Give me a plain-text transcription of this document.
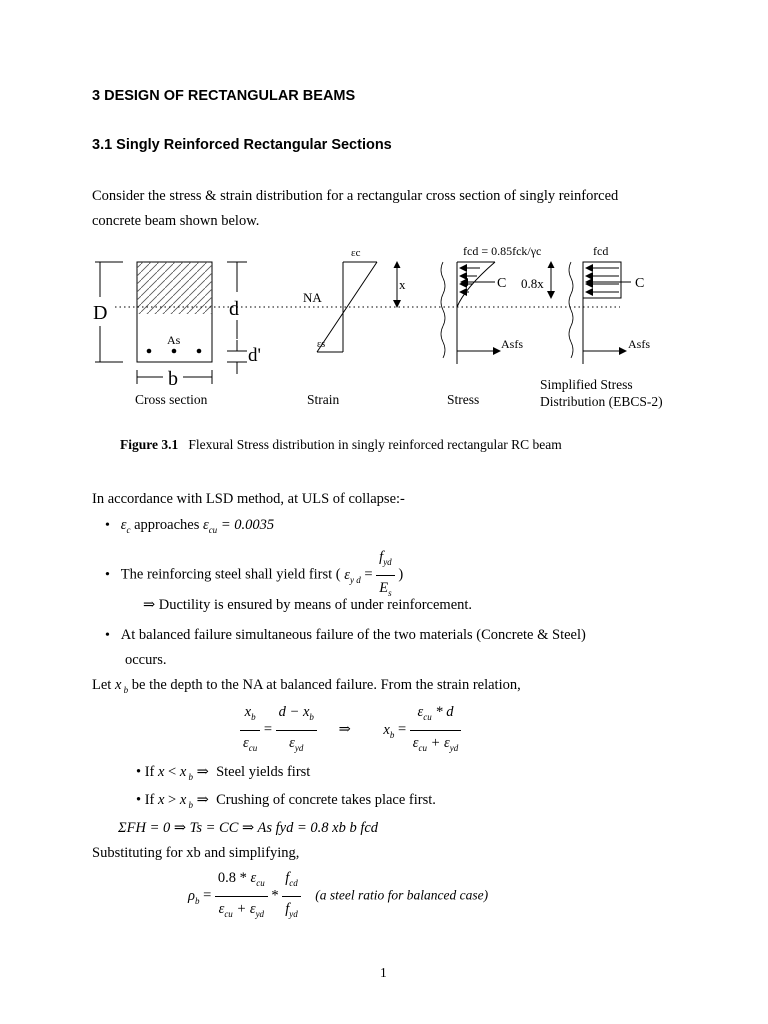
3 DESIGN OF RECTANGULAR BEAMS
3.1 Singly Reinforced Rectangular Sections
Consider the stress & strain distribution for a rectangular cross section of singly reinforced
concrete beam shown below.
As
D	d
d'
b
Cross section
εc
εs
NA
x
Strain
C
Asfs
fcd = 0.85fck/γc
Stress
C
0.8x
Asfs
fcd
Simplified Stress
Distribution (EBCS-2)
Figure 3.1 Flexural Stress distribution in singly reinforced rectangular RC beam
In accordance with LSD method, at ULS of collapse:-
• $\varepsilon_c$ approaches $\varepsilon_{cu} = 0.0035$
• The reinforcing steel shall yield first ( $\varepsilon_{y d} = \frac{f_{yd}}{E_s}$ )
⇒ Ductility is ensured by means of under reinforcement.
• At balanced failure simultaneous failure of the two materials (Concrete & Steel)
occurs.
Let x $_b$ be the depth to the NA at balanced failure. From the strain relation,
$\frac{x_b}{\varepsilon_{cu}} = \frac{d - x_b}{\varepsilon_{yd}}$ ⇒         $x_b = \frac{\varepsilon_{cu} * d}{\varepsilon_{cu} + \varepsilon_{yd}}$
• If x < x $_b$ ⇒  Steel yields first
• If x > x $_b$ ⇒  Crushing of concrete takes place first.
ΣFH = 0 ⇒ Ts = CC ⇒ As fyd = 0.8 xb b fcd
Substituting for xb and simplifying,
$\rho_b = \frac{0.8 * \varepsilon_{cu}}{\varepsilon_{cu} + \varepsilon_{yd}} * \frac{f_{cd}}{f_{yd}} (a$ steel ratio for balanced case)
1
